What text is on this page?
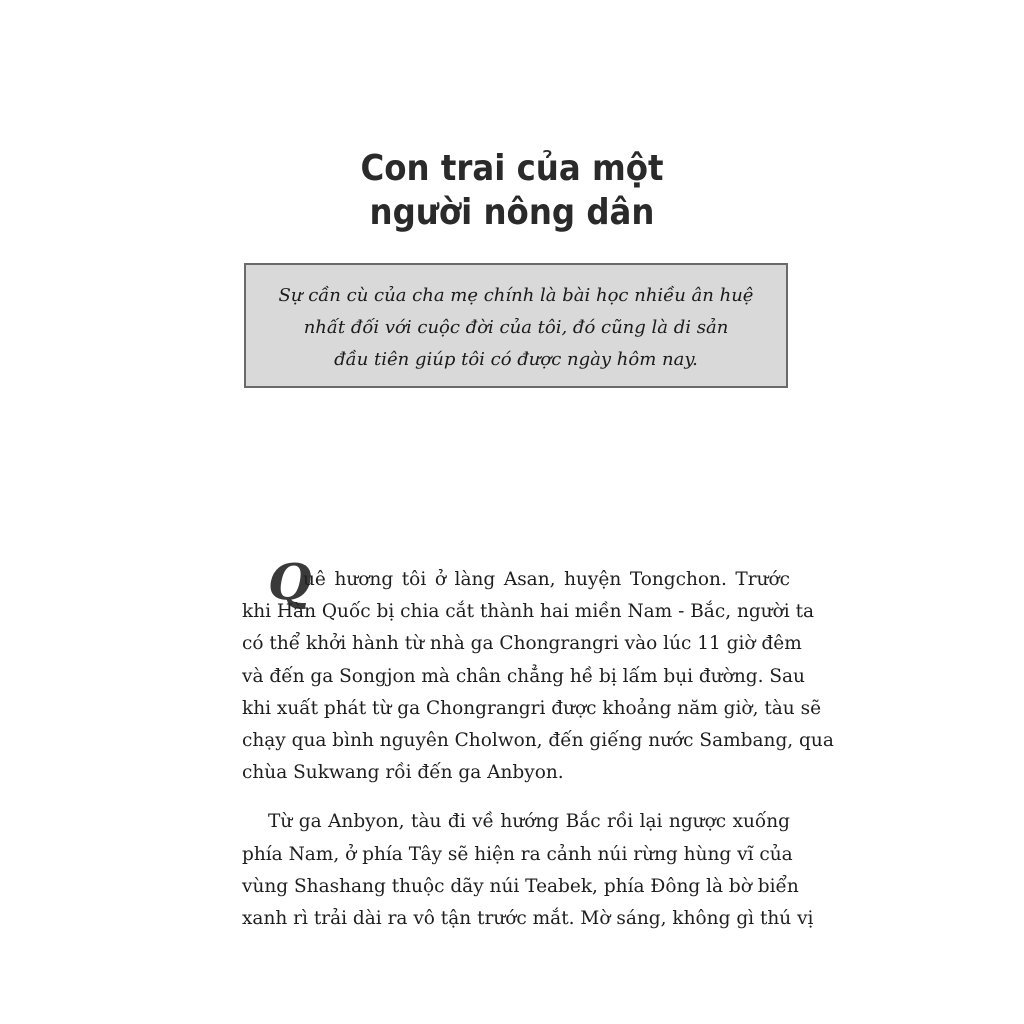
Con trai của một
người nông dân
Sự cần cù của cha mẹ chính là bài học nhiều ân huệ
nhất đối với cuộc đời của tôi, đó cũng là di sản
đầu tiên giúp tôi có được ngày hôm nay.
Q
uê hương tôi ở làng Asan, huyện Tongchon. Trước
khi Hàn Quốc bị chia cắt thành hai miền Nam - Bắc, người ta
có thể khởi hành từ nhà ga Chongrangri vào lúc 11 giờ đêm
và đến ga Songjon mà chân chẳng hề bị lấm bụi đường. Sau
khi xuất phát từ ga Chongrangri được khoảng năm giờ, tàu sẽ
chạy qua bình nguyên Cholwon, đến giếng nước Sambang, qua
chùa Sukwang rồi đến ga Anbyon.
Từ ga Anbyon, tàu đi về hướng Bắc rồi lại ngược xuống
phía Nam, ở phía Tây sẽ hiện ra cảnh núi rừng hùng vĩ của
vùng Shashang thuộc dãy núi Teabek, phía Đông là bờ biển
xanh rì trải dài ra vô tận trước mắt. Mờ sáng, không gì thú vị
